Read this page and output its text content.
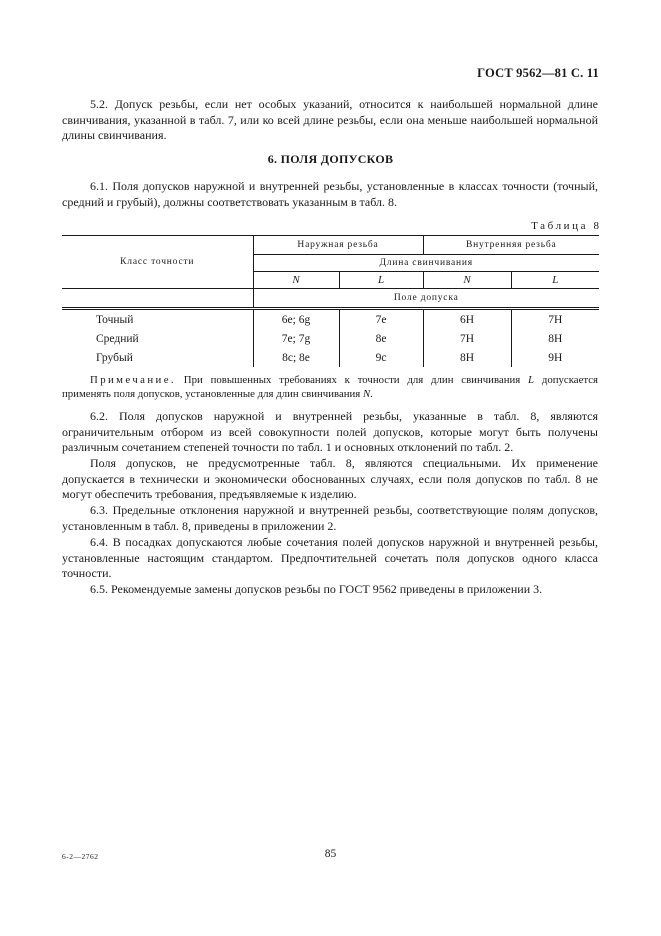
ГОСТ 9562—81 С. 11

5.2. Допуск резьбы, если нет особых указаний, относится к наибольшей нормальной длине свинчивания, указанной в табл. 7, или ко всей длине резьбы, если она меньше наибольшей нормальной длины свинчивания.

6. ПОЛЯ ДОПУСКОВ

6.1. Поля допусков наружной и внутренней резьбы, установленные в классах точности (точный, средний и грубый), должны соответствовать указанным в табл. 8.

Таблица 8
Класс точности	Наружная резьба		Внутренняя резьба	
	Длина свинчивания			
	N	L	N	L
	Поле допуска			
Точный	6e; 6g	7e	6H	7H
Средний	7e; 7g	8e	7H	8H
Грубый	8c; 8e	9c	8H	9H

Примечание. При повышенных требованиях к точности для длин свинчивания L допускается применять поля допусков, установленные для длин свинчивания N.

6.2. Поля допусков наружной и внутренней резьбы, указанные в табл. 8, являются ограничительным отбором из всей совокупности полей допусков, которые могут быть получены различным сочетанием степеней точности по табл. 1 и основных отклонений по табл. 2.

Поля допусков, не предусмотренные табл. 8, являются специальными. Их применение допускается в технически и экономически обоснованных случаях, если поля допусков по табл. 8 не могут обеспечить требования, предъявляемые к изделию.

6.3. Предельные отклонения наружной и внутренней резьбы, соответствующие полям допусков, установленным в табл. 8, приведены в приложении 2.

6.4. В посадках допускаются любые сочетания полей допусков наружной и внутренней резьбы, установленные настоящим стандартом. Предпочтительней сочетать поля допусков одного класса точности.

6.5. Рекомендуемые замены допусков резьбы по ГОСТ 9562 приведены в приложении 3.

6-2—2762	85
